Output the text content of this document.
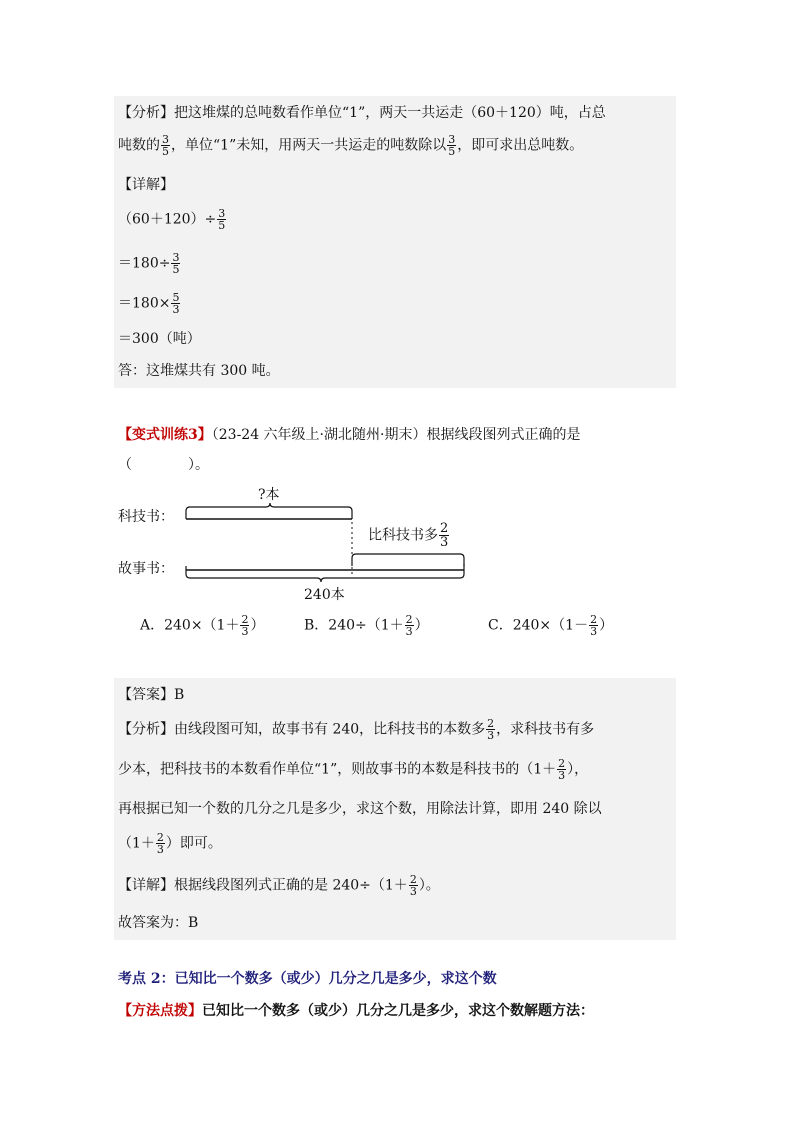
【分析】把这堆煤的总吨数看作单位“1”，两天一共运走（60＋120）吨，占总
吨数的 $\frac{3}{5}$ ，单位“1”未知，用两天一共运走的吨数除以 $\frac{3}{5}$ ，即可求出总吨数。
【详解】
$(60+120)\div \frac{3}{5}$
$=180\div \frac{3}{5}$
$=180\times \frac{5}{3}$
＝300（吨）
答：这堆煤共有 300 吨。
【变式训练3】（23-24 六年级上·湖北随州·期末）根据线段图列式正确的是
（　　　　）。
科技书：
故事书：
?本
比科技书多 $\frac{2}{3}$
240本
A．$240\times(1+ \frac{2}{3}$ ）	B．$240\div(1+ \frac{2}{3}$ ）	C．$240\times(1- \frac{2}{3}$ ）
【答案】B
【分析】由线段图可知，故事书有 240，比科技书的本数多 $\frac{2}{3}$ ，求科技书有多
少本，把科技书的本数看作单位“1”，则故事书的本数是科技书的（$1+ \frac{2}{3}$ ），
再根据已知一个数的几分之几是多少，求这个数，用除法计算，即用 240 除以
（$1+ \frac{2}{3}$ ）即可。
【详解】根据线段图列式正确的是 $240\div(1+ \frac{2}{3}$ ）。
故答案为：B
考点 2：已知比一个数多（或少）几分之几是多少，求这个数
【方法点拨】已知比一个数多（或少）几分之几是多少，求这个数解题方法：
